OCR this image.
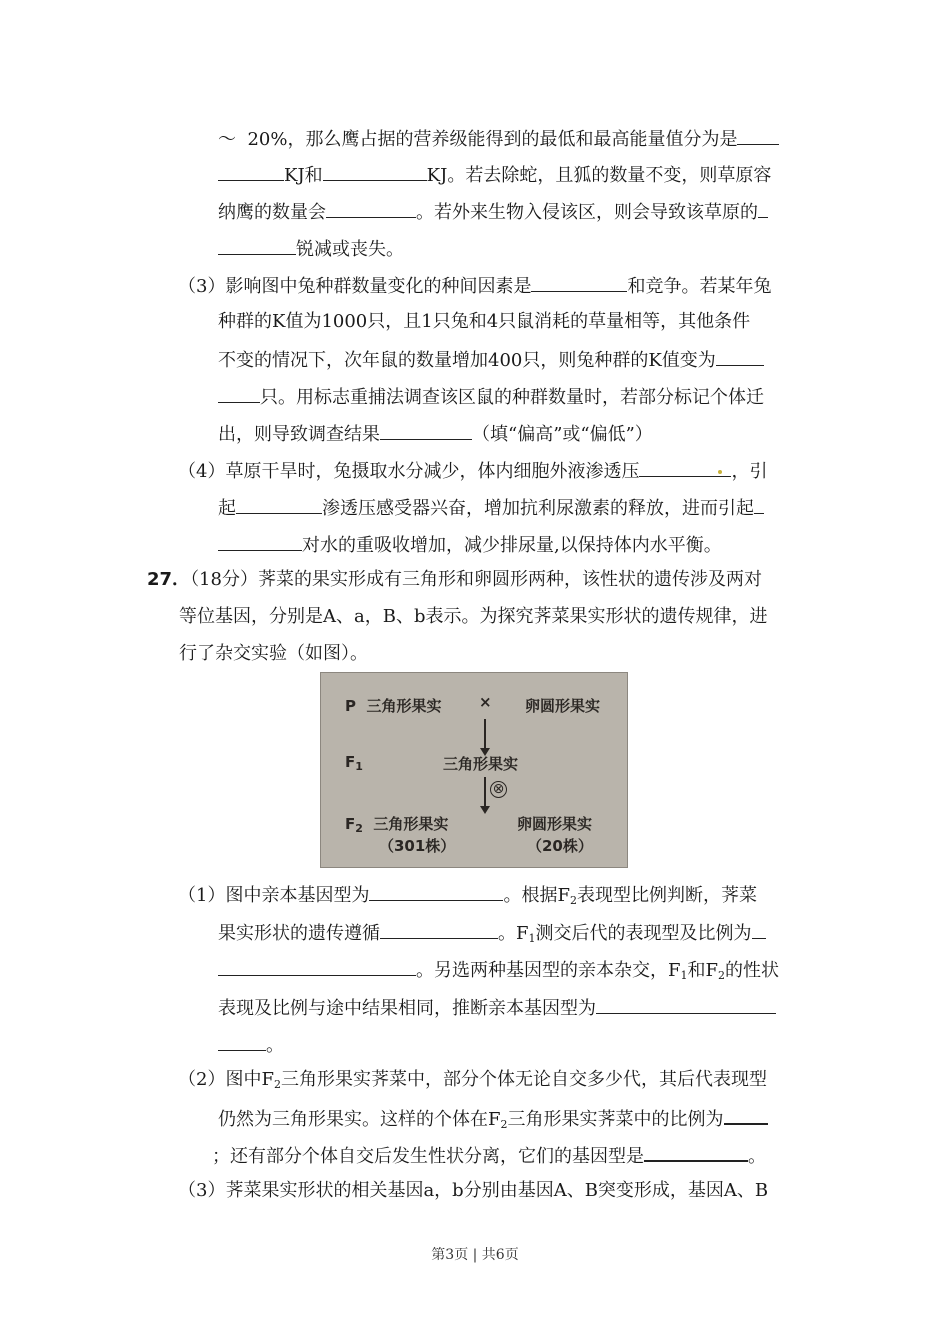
～  20%，那么鹰占据的营养级能得到的最低和最高能量值分为是
KJ和	KJ。若去除蛇，且狐的数量不变，则草原容
纳鹰的数量会	。若外来生物入侵该区，则会导致该草原的
锐减或丧失。
（3）影响图中兔种群数量变化的种间因素是	和竞争。若某年兔
种群的K值为1000只，且1只兔和4只鼠消耗的草量相等，其他条件
不变的情况下，次年鼠的数量增加400只，则兔种群的K值变为
只。用标志重捕法调查该区鼠的种群数量时，若部分标记个体迁
出，则导致调查结果	（填“偏高”或“偏低”）
（4）草原干旱时，兔摄取水分减少，体内细胞外液渗透压	，引
起	渗透压感受器兴奋，增加抗利尿激素的释放，进而引起
对水的重吸收增加，减少排尿量,以保持体内水平衡。
27．（18分）荠菜的果实形成有三角形和卵圆形两种，该性状的遗传涉及两对
等位基因，分别是A、a，B、b表示。为探究荠菜果实形状的遗传规律，进
行了杂交实验（如图）。
P  三角形果实	× 卵圆形果实
$F_1$	三角形果实
⊗
$F_2$ 三角形果实	卵圆形果实
（301株）	（20株）
（1）图中亲本基因型为	。根据$F_2$表现型比例判断，荠菜
果实形状的遗传遵循	。$F_1$测交后代的表现型及比例为
。另选两种基因型的亲本杂交，$F_1$和$F_2$的性状
表现及比例与途中结果相同，推断亲本基因型为
。
（2）图中$F_2$三角形果实荠菜中，部分个体无论自交多少代，其后代表现型
仍然为三角形果实。这样的个体在$F_2$三角形果实荠菜中的比例为
；还有部分个体自交后发生性状分离，它们的基因型是	。
（3）荠菜果实形状的相关基因a，b分别由基因A、B突变形成，基因A、B
第3页 | 共6页
